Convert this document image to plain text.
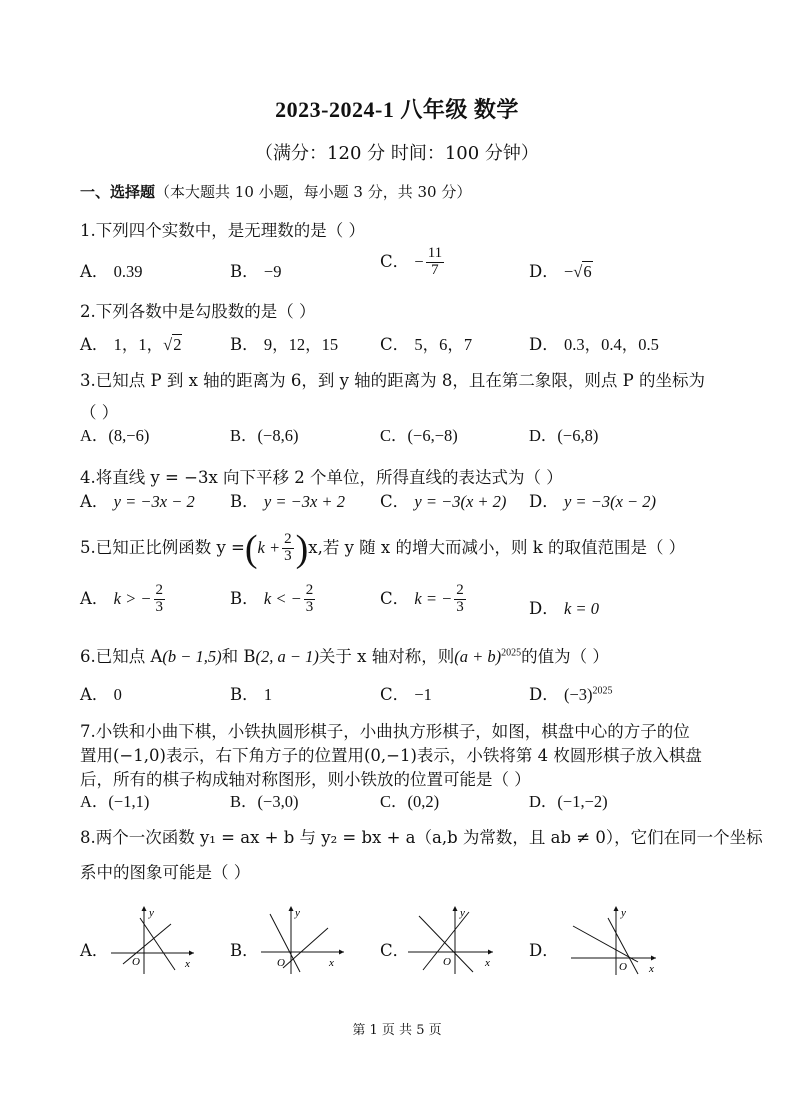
2023-2024-1 八年级 数学
（满分：120 分 时间：100 分钟）
一、选择题（本大题共 10 小题，每小题 3 分，共 30 分）
1.下列四个实数中，是无理数的是（ ）
A． 0.39	B． −9
C． − $\frac{11}{7}$	D． −√6
2.下列各数中是勾股数的是（ ）
A． 1，1，√2	B． 9，12，15	C． 5，6，7	D． 0.3，0.4，0.5
3.已知点 P 到 x 轴的距离为 6，到 y 轴的距离为 8，且在第二象限，则点 P 的坐标为
（ ）
A．(8,−6)	B．(−8,6)	C．(−6,−8)	D．(−6,8)
4.将直线 y = −3x 向下平移 2 个单位，所得直线的表达式为（ ）
A． y = −3x − 2 B． y = −3x + 2 C． y = −3(x + 2) D． y = −3(x − 2)
5.已知正比例函数 $y =(k + \frac{2}{3} )x$,若 y 随 x 的增大而减小，则 k 的取值范围是（ ）
A． k > − $\frac{2}{3}$	B． k < − $\frac{2}{3}$	C． k = − $\frac{2}{3}$	D． k = 0
6.已知点 A(b − 1,5)和 B(2, a − 1)关于 x 轴对称，则$(a + b)^{2025}$的值为（ ）
A． 0	B． 1	C． −1	D． $(-3)^{2025}$
7.小铁和小曲下棋，小铁执圆形棋子，小曲执方形棋子，如图，棋盘中心的方子的位
置用(−1,0)表示，右下角方子的位置用(0,−1)表示，小铁将第 4 枚圆形棋子放入棋盘
后，所有的棋子构成轴对称图形，则小铁放的位置可能是（ ）
A．(−1,1)	B．(−3,0)	C．(0,2)	D．(−1,−2)
8.两个一次函数 y₁ = ax + b 与 y₂ = bx + a（a,b 为常数，且 ab ≠ 0），它们在同一个坐标
系中的图象可能是（ ）
A．	B．	C．	D．
y
x
O
y
x
O
y
x
O
y
x
O
第 1 页 共 5 页
